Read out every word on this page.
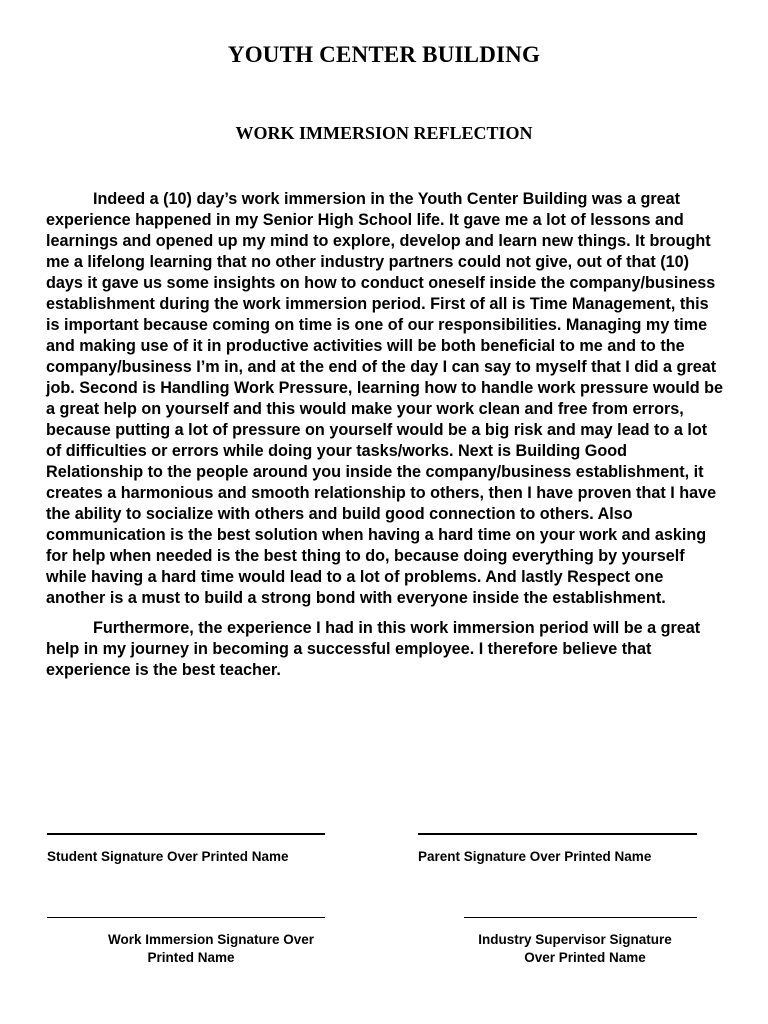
YOUTH CENTER BUILDING
WORK IMMERSION REFLECTION

Indeed a (10) day’s work immersion in the Youth Center Building was a great experience happened in my Senior High School life. It gave me a lot of lessons and learnings and opened up my mind to explore, develop and learn new things. It brought me a lifelong learning that no other industry partners could not give, out of that (10) days it gave us some insights on how to conduct oneself inside the company/business establishment during the work immersion period. First of all is Time Management, this is important because coming on time is one of our responsibilities. Managing my time and making use of it in productive activities will be both beneficial to me and to the company/business I’m in, and at the end of the day I can say to myself that I did a great job. Second is Handling Work Pressure, learning how to handle work pressure would be a great help on yourself and this would make your work clean and free from errors, because putting a lot of pressure on yourself would be a big risk and may lead to a lot of difficulties or errors while doing your tasks/works. Next is Building Good Relationship to the people around you inside the company/business establishment, it creates a harmonious and smooth relationship to others, then I have proven that I have the ability to socialize with others and build good connection to others. Also communication is the best solution when having a hard time on your work and asking for help when needed is the best thing to do, because doing everything by yourself while having a hard time would lead to a lot of problems. And lastly Respect one another is a must to build a strong bond with everyone inside the establishment.

Furthermore, the experience I had in this work immersion period will be a great help in my journey in becoming a successful employee. I therefore believe that experience is the best teacher.

Student Signature Over Printed Name	Parent Signature Over Printed Name
Work Immersion Signature Over
Printed Name
Industry Supervisor Signature
Over Printed Name
